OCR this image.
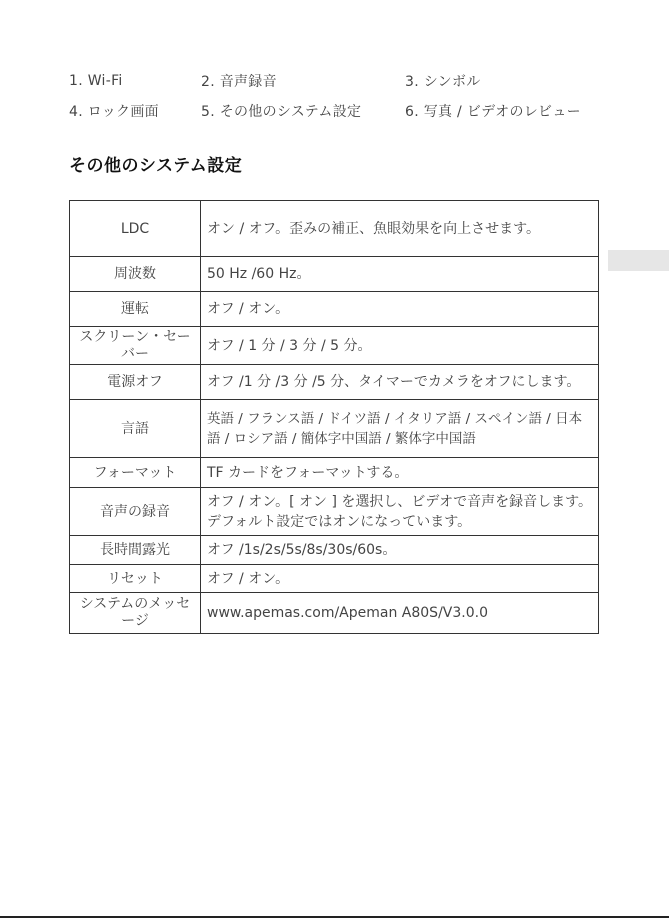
1. Wi-Fi	2. 音声録音	3. シンボル
4. ロック画面	5. その他のシステム設定	6. 写真 / ビデオのレビュー
その他のシステム設定
LDC	オン / オフ。歪みの補正、魚眼効果を向上させます。
周波数	50 Hz /60 Hz。
運転	オフ / オン。
スクリーン・セーバー	オフ / 1 分 / 3 分 / 5 分。
電源オフ	オフ /1 分 /3 分 /5 分、タイマーでカメラをオフにします。
言語	英語 / フランス語 / ドイツ語 / イタリア語 / スペイン語 / 日本語 / ロシア語 / 簡体字中国語 / 繁体字中国語
フォーマット	TF カードをフォーマットする。
音声の録音	オフ / オン。[ オン ] を選択し、ビデオで音声を録音します。デフォルト設定ではオンになっています。
長時間露光	オフ /1s/2s/5s/8s/30s/60s。
リセット	オフ / オン。
システムのメッセージ	www.apemas.com/Apeman A80S/V3.0.0
